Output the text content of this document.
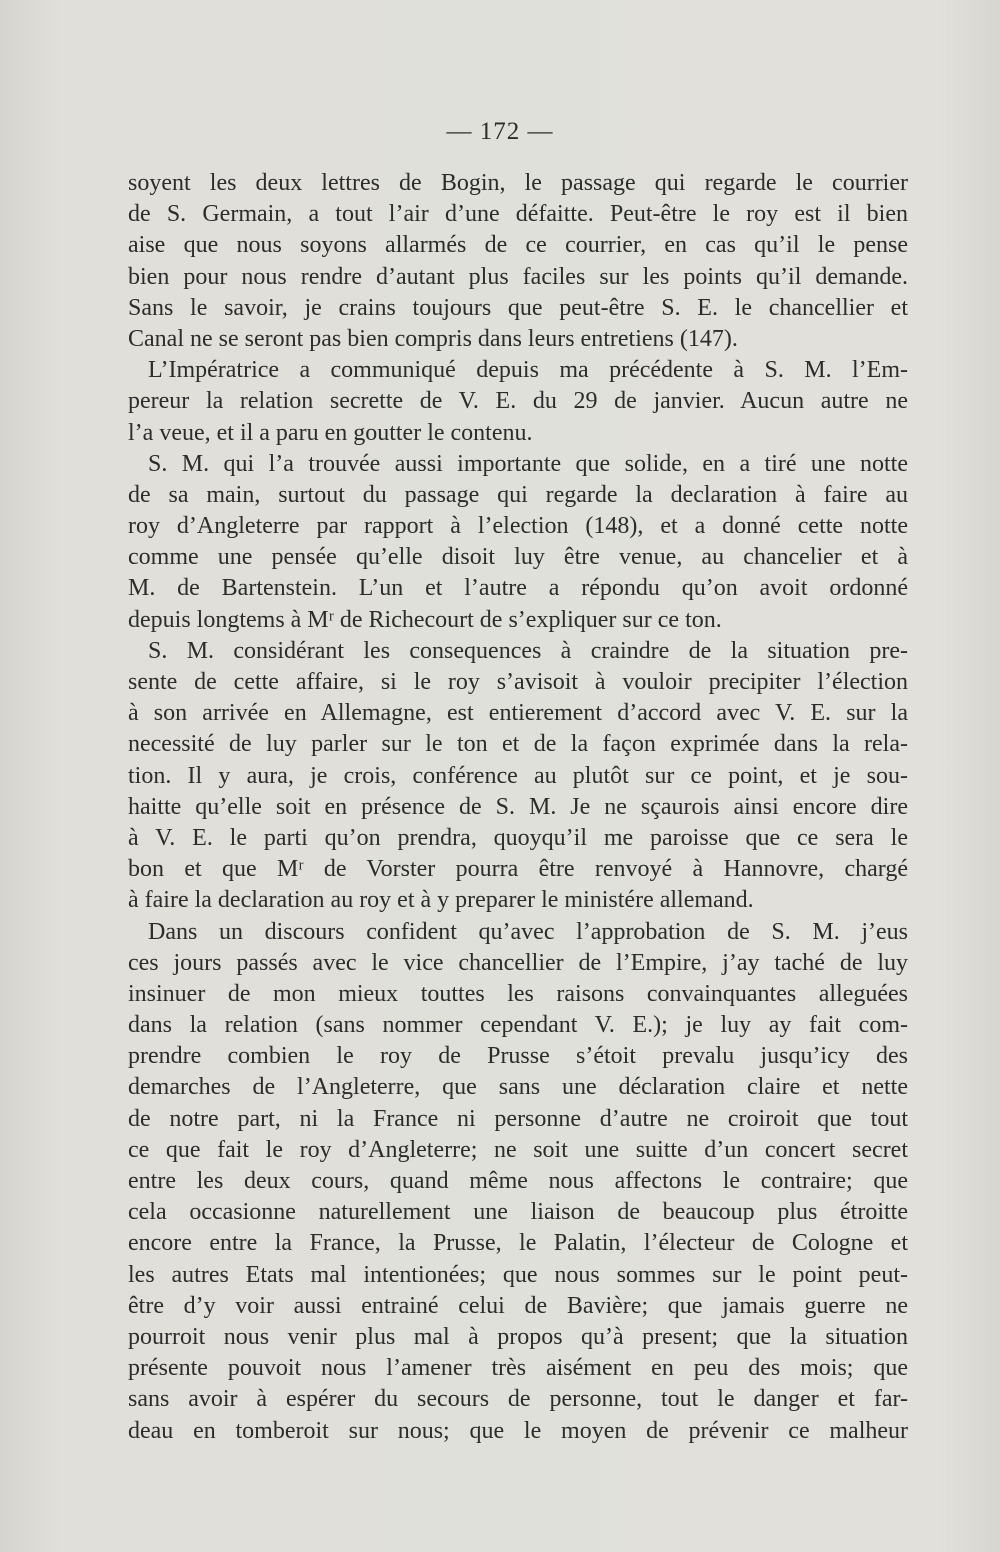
— 172 —
soyent les deux lettres de Bogin, le passage qui regarde le courrier
de S. Germain, a tout l’air d’une défaitte. Peut-être le roy est il bien
aise que nous soyons allarmés de ce courrier, en cas qu’il le pense
bien pour nous rendre d’autant plus faciles sur les points qu’il demande.
Sans le savoir, je crains toujours que peut-être S. E. le chancellier et
Canal ne se seront pas bien compris dans leurs entretiens (147).
L’Impératrice a communiqué depuis ma précédente à S. M. l’Em-
pereur la relation secrette de V. E. du 29 de janvier. Aucun autre ne
l’a veue, et il a paru en goutter le contenu.
S. M. qui l’a trouvée aussi importante que solide, en a tiré une notte
de sa main, surtout du passage qui regarde la declaration à faire au
roy d’Angleterre par rapport à l’election (148), et a donné cette notte
comme une pensée qu’elle disoit luy être venue, au chancelier et à
M. de Bartenstein. L’un et l’autre a répondu qu’on avoit ordonné
depuis longtems à Mʳ de Richecourt de s’expliquer sur ce ton.
S. M. considérant les consequences à craindre de la situation pre-
sente de cette affaire, si le roy s’avisoit à vouloir precipiter l’élection
à son arrivée en Allemagne, est entierement d’accord avec V. E. sur la
necessité de luy parler sur le ton et de la façon exprimée dans la rela-
tion. Il y aura, je crois, conférence au plutôt sur ce point, et je sou-
haitte qu’elle soit en présence de S. M. Je ne sçaurois ainsi encore dire
à V. E. le parti qu’on prendra, quoyqu’il me paroisse que ce sera le
bon et que Mʳ de Vorster pourra être renvoyé à Hannovre, chargé
à faire la declaration au roy et à y preparer le ministére allemand.
Dans un discours confident qu’avec l’approbation de S. M. j’eus
ces jours passés avec le vice chancellier de l’Empire, j’ay taché de luy
insinuer de mon mieux touttes les raisons convainquantes alleguées
dans la relation (sans nommer cependant V. E.); je luy ay fait com-
prendre combien le roy de Prusse s’étoit prevalu jusqu’icy des
demarches de l’Angleterre, que sans une déclaration claire et nette
de notre part, ni la France ni personne d’autre ne croiroit que tout
ce que fait le roy d’Angleterre; ne soit une suitte d’un concert secret
entre les deux cours, quand même nous affectons le contraire; que
cela occasionne naturellement une liaison de beaucoup plus étroitte
encore entre la France, la Prusse, le Palatin, l’électeur de Cologne et
les autres Etats mal intentionées; que nous sommes sur le point peut-
être d’y voir aussi entrainé celui de Bavière; que jamais guerre ne
pourroit nous venir plus mal à propos qu’à present; que la situation
présente pouvoit nous l’amener très aisément en peu des mois; que
sans avoir à espérer du secours de personne, tout le danger et far-
deau en tomberoit sur nous; que le moyen de prévenir ce malheur
